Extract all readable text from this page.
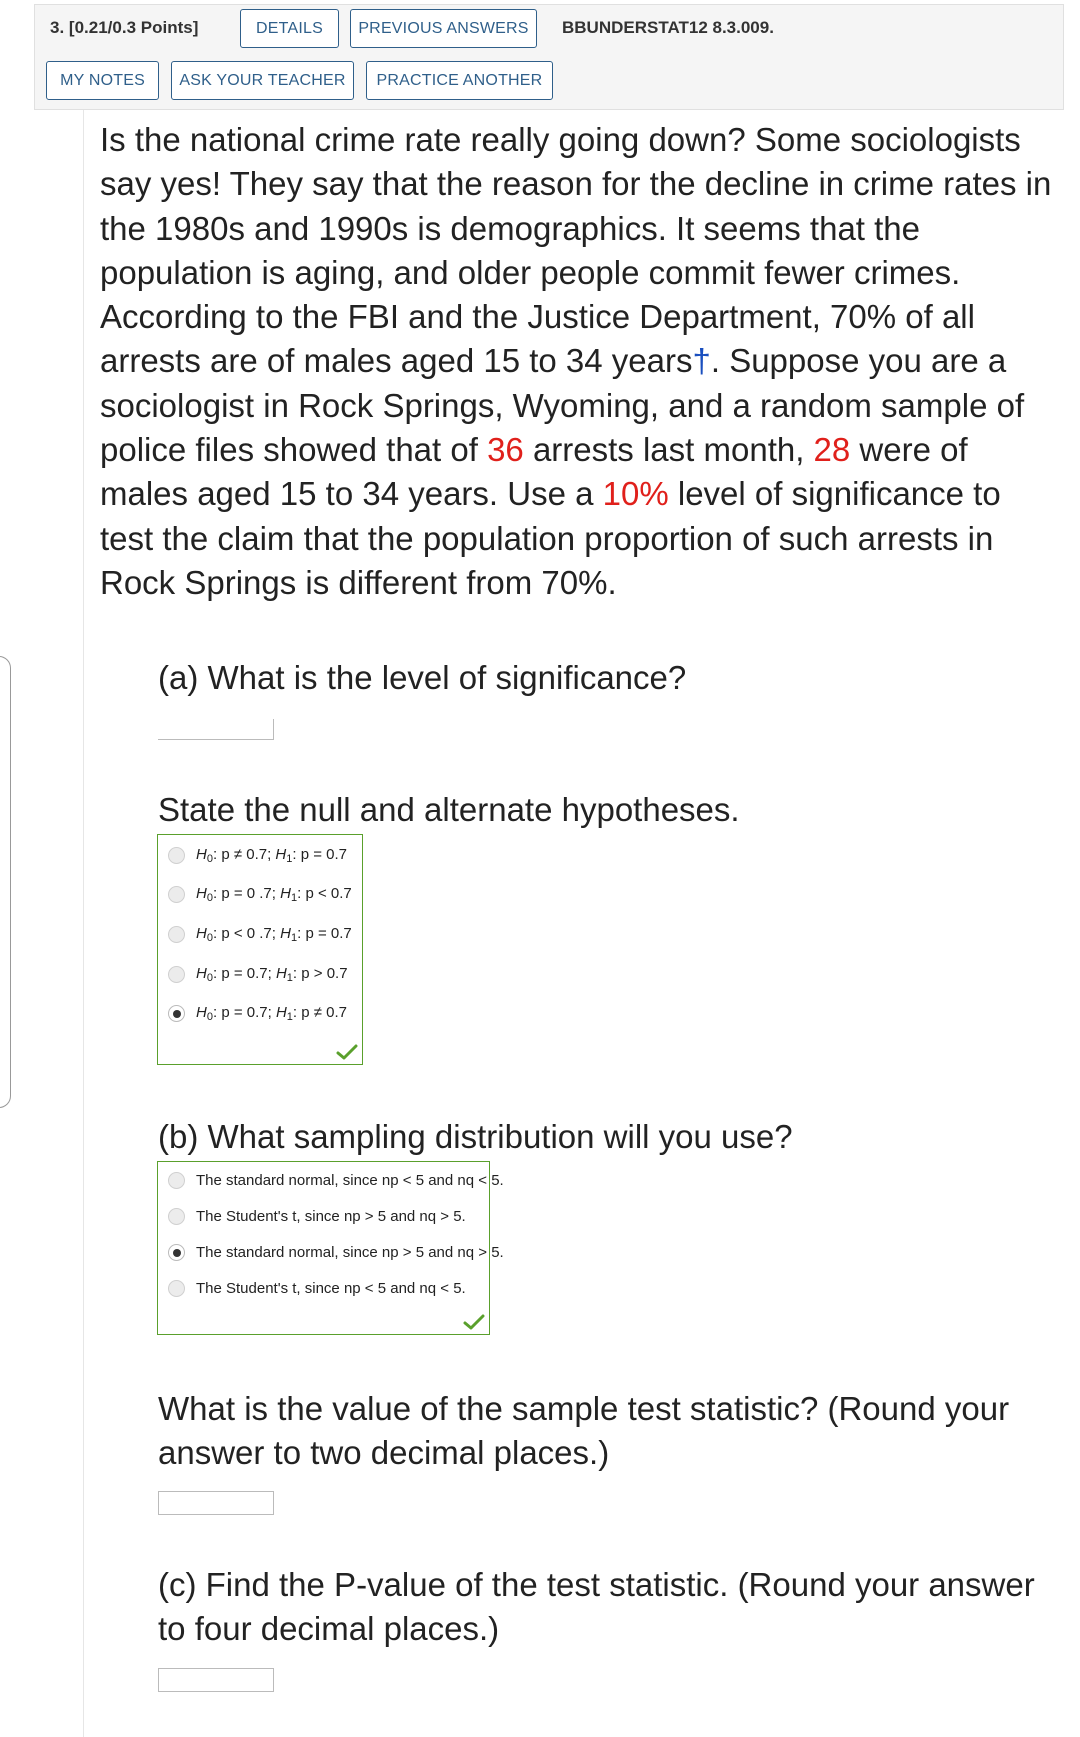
3. [0.21/0.3 Points]	DETAILS	PREVIOUS ANSWERS	BBUNDERSTAT12 8.3.009.
MY NOTES	ASK YOUR TEACHER	PRACTICE ANOTHER
Is the national crime rate really going down? Some sociologists say yes! They say that the reason for the decline in crime rates in the 1980s and 1990s is demographics. It seems that the population is aging, and older people commit fewer crimes. According to the FBI and the Justice Department, 70% of all arrests are of males aged 15 to 34 years†. Suppose you are a sociologist in Rock Springs, Wyoming, and a random sample of police files showed that of 36 arrests last month, 28 were of males aged 15 to 34 years. Use a 10% level of significance to test the claim that the population proportion of such arrests in Rock Springs is different from 70%.
(a) What is the level of significance?
State the null and alternate hypotheses.
$H_0$: p ≠ 0.7; $H_1$: p = 0.7
$H_0$: p = 0 .7; $H_1$: p < 0.7
$H_0$: p < 0 .7; $H_1$: p = 0.7
$H_0$: p = 0.7; $H_1$: p > 0.7
$H_0$: p = 0.7; $H_1$: p ≠ 0.7
(b) What sampling distribution will you use?
The standard normal, since np < 5 and nq < 5.
The Student's t, since np > 5 and nq > 5.
The standard normal, since np > 5 and nq > 5.
The Student's t, since np < 5 and nq < 5.
What is the value of the sample test statistic? (Round your answer to two decimal places.)
(c) Find the P-value of the test statistic. (Round your answer to four decimal places.)
